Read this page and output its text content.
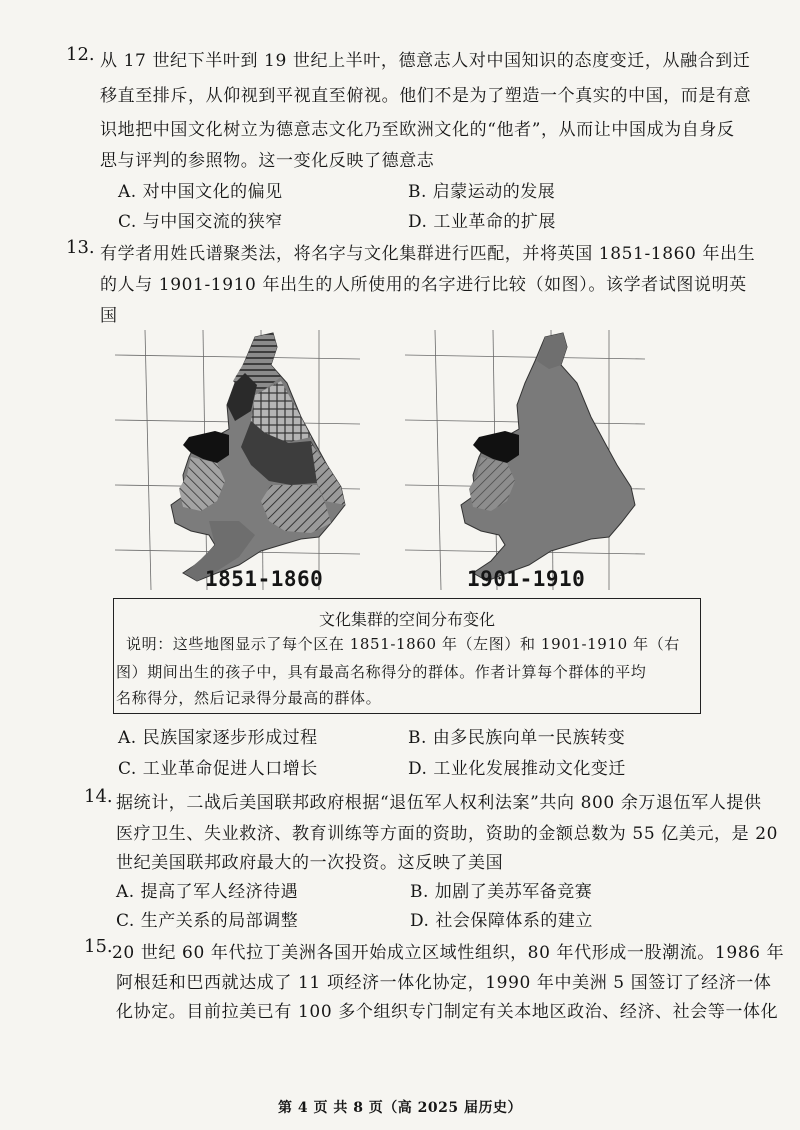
12. 从 17 世纪下半叶到 19 世纪上半叶，德意志人对中国知识的态度变迁，从融合到迁
移直至排斥，从仰视到平视直至俯视。他们不是为了塑造一个真实的中国，而是有意
识地把中国文化树立为德意志文化乃至欧洲文化的“他者”，从而让中国成为自身反
思与评判的参照物。这一变化反映了德意志
A. 对中国文化的偏见	B. 启蒙运动的发展
C. 与中国交流的狭窄	D. 工业革命的扩展
13. 有学者用姓氏谱聚类法，将名字与文化集群进行匹配，并将英国 1851-1860 年出生
的人与 1901-1910 年出生的人所使用的名字进行比较（如图）。该学者试图说明英
国
1851-1860	1901-1910
文化集群的空间分布变化
说明：这些地图显示了每个区在 1851-1860 年（左图）和 1901-1910 年（右
图）期间出生的孩子中，具有最高名称得分的群体。作者计算每个群体的平均
名称得分，然后记录得分最高的群体。
A. 民族国家逐步形成过程	B. 由多民族向单一民族转变
C. 工业革命促进人口增长	D. 工业化发展推动文化变迁
14. 据统计，二战后美国联邦政府根据“退伍军人权利法案”共向 800 余万退伍军人提供
医疗卫生、失业救济、教育训练等方面的资助，资助的金额总数为 55 亿美元，是 20
世纪美国联邦政府最大的一次投资。这反映了美国
A. 提高了军人经济待遇	B. 加剧了美苏军备竞赛
C. 生产关系的局部调整	D. 社会保障体系的建立
15. 20 世纪 60 年代拉丁美洲各国开始成立区域性组织，80 年代形成一股潮流。1986 年
阿根廷和巴西就达成了 11 项经济一体化协定，1990 年中美洲 5 国签订了经济一体
化协定。目前拉美已有 100 多个组织专门制定有关本地区政治、经济、社会等一体化
第 4 页 共 8 页（高 2025 届历史）
